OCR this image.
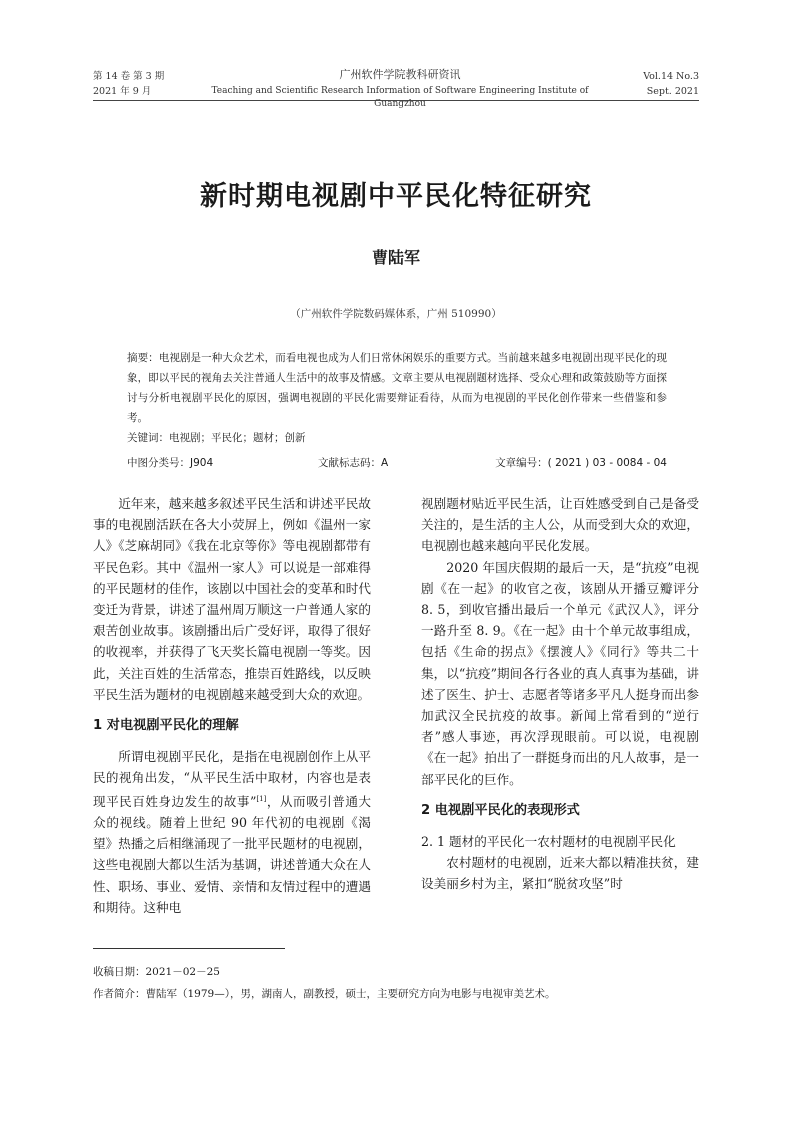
第 14 卷 第 3 期
2021 年 9 月
广州软件学院教科研资讯
Teaching and Scientific Research Information of Software Engineering Institute of Guangzhou
Vol.14 No.3
Sept. 2021
新时期电视剧中平民化特征研究
曹陆军
（广州软件学院数码媒体系，广州 510990）
摘要：电视剧是一种大众艺术，而看电视也成为人们日常休闲娱乐的重要方式。当前越来越多电视剧出现平民化的现象，即以平民的视角去关注普通人生活中的故事及情感。文章主要从电视剧题材选择、受众心理和政策鼓励等方面探讨与分析电视剧平民化的原因，强调电视剧的平民化需要辩证看待，从而为电视剧的平民化创作带来一些借鉴和参考。
关键词：电视剧；平民化；题材；创新
中图分类号：J904	文献标志码：A	文章编号：( 2021 ) 03 - 0084 - 04

近年来，越来越多叙述平民生活和讲述平民故事的电视剧活跃在各大小荧屏上，例如《温州一家人》《芝麻胡同》《我在北京等你》等电视剧都带有平民色彩。其中《温州一家人》可以说是一部难得的平民题材的佳作，该剧以中国社会的变革和时代变迁为背景，讲述了温州周万顺这一户普通人家的艰苦创业故事。该剧播出后广受好评，取得了很好的收视率，并获得了飞天奖长篇电视剧一等奖。因此，关注百姓的生活常态，推崇百姓路线，以反映平民生活为题材的电视剧越来越受到大众的欢迎。

1 对电视剧平民化的理解

所谓电视剧平民化，是指在电视剧创作上从平民的视角出发，“从平民生活中取材，内容也是表现平民百姓身边发生的故事”[1]，从而吸引普通大众的视线。随着上世纪 90 年代初的电视剧《渴望》热播之后相继涌现了一批平民题材的电视剧，这些电视剧大都以生活为基调，讲述普通大众在人性、职场、事业、爱情、亲情和友情过程中的遭遇和期待。这种电

视剧题材贴近平民生活，让百姓感受到自己是备受关注的，是生活的主人公，从而受到大众的欢迎，电视剧也越来越向平民化发展。

2020 年国庆假期的最后一天，是“抗疫”电视剧《在一起》的收官之夜，该剧从开播豆瓣评分 8. 5，到收官播出最后一个单元《武汉人》，评分一路升至 8. 9。《在一起》由十个单元故事组成，包括《生命的拐点》《摆渡人》《同行》等共二十集，以“抗疫”期间各行各业的真人真事为基础，讲述了医生、护士、志愿者等诸多平凡人挺身而出参加武汉全民抗疫的故事。新闻上常看到的“逆行者”感人事迹，再次浮现眼前。可以说，电视剧《在一起》拍出了一群挺身而出的凡人故事，是一部平民化的巨作。

2 电视剧平民化的表现形式
2. 1 题材的平民化一农村题材的电视剧平民化

农村题材的电视剧，近来大都以精准扶贫，建设美丽乡村为主，紧扣“脱贫攻坚”时

收稿日期：2021－02－25
作者简介：曹陆军（1979—），男，湖南人，副教授，硕士，主要研究方向为电影与电视审美艺术。
